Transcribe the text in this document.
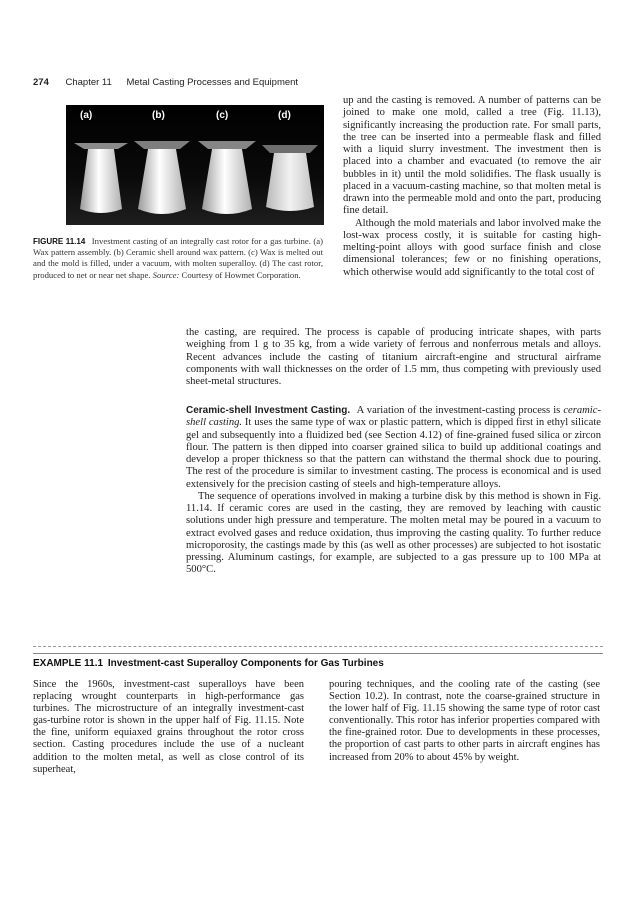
274 Chapter 11 Metal Casting Processes and Equipment
(a)	(b)	(c)	(d)
FIGURE 11.14 Investment casting of an integrally cast rotor for a gas turbine. (a) Wax pattern assembly. (b) Ceramic shell around wax pattern. (c) Wax is melted out and the mold is filled, under a vacuum, with molten superalloy. (d) The cast rotor, produced to net or near net shape. Source: Courtesy of Howmet Corporation.

up and the casting is removed. A number of patterns can be joined to make one mold, called a tree (Fig. 11.13), significantly increasing the production rate. For small parts, the tree can be inserted into a permeable flask and filled with a liquid slurry investment. The investment then is placed into a chamber and evacuated (to remove the air bubbles in it) until the mold solidifies. The flask usually is placed in a vacuum-casting machine, so that molten metal is drawn into the permeable mold and onto the part, producing fine detail.

Although the mold materials and labor involved make the lost-wax process costly, it is suitable for casting high-melting-point alloys with good surface finish and close dimensional tolerances; few or no finishing operations, which otherwise would add significantly to the total cost of

the casting, are required. The process is capable of producing intricate shapes, with parts weighing from 1 g to 35 kg, from a wide variety of ferrous and nonferrous metals and alloys. Recent advances include the casting of titanium aircraft-engine and structural airframe components with wall thicknesses on the order of 1.5 mm, thus competing with previously used sheet-metal structures.

Ceramic-shell Investment Casting. A variation of the investment-casting process is ceramic-shell casting. It uses the same type of wax or plastic pattern, which is dipped first in ethyl silicate gel and subsequently into a fluidized bed (see Section 4.12) of fine-grained fused silica or zircon flour. The pattern is then dipped into coarser grained silica to build up additional coatings and develop a proper thickness so that the pattern can withstand the thermal shock due to pouring. The rest of the procedure is similar to investment casting. The process is economical and is used extensively for the precision casting of steels and high-temperature alloys.

The sequence of operations involved in making a turbine disk by this method is shown in Fig. 11.14. If ceramic cores are used in the casting, they are removed by leaching with caustic solutions under high pressure and temperature. The molten metal may be poured in a vacuum to extract evolved gases and reduce oxidation, thus improving the casting quality. To further reduce microporosity, the castings made by this (as well as other processes) are subjected to hot isostatic pressing. Aluminum castings, for example, are subjected to a gas pressure up to 100 MPa at 500°C.

EXAMPLE 11.1 Investment-cast Superalloy Components for Gas Turbines

Since the 1960s, investment-cast superalloys have been replacing wrought counterparts in high-performance gas turbines. The microstructure of an integrally investment-cast gas-turbine rotor is shown in the upper half of Fig. 11.15. Note the fine, uniform equiaxed grains throughout the rotor cross section. Casting procedures include the use of a nucleant addition to the molten metal, as well as close control of its superheat,

pouring techniques, and the cooling rate of the casting (see Section 10.2). In contrast, note the coarse-grained structure in the lower half of Fig. 11.15 showing the same type of rotor cast conventionally. This rotor has inferior properties compared with the fine-grained rotor. Due to developments in these processes, the proportion of cast parts to other parts in aircraft engines has increased from 20% to about 45% by weight.
